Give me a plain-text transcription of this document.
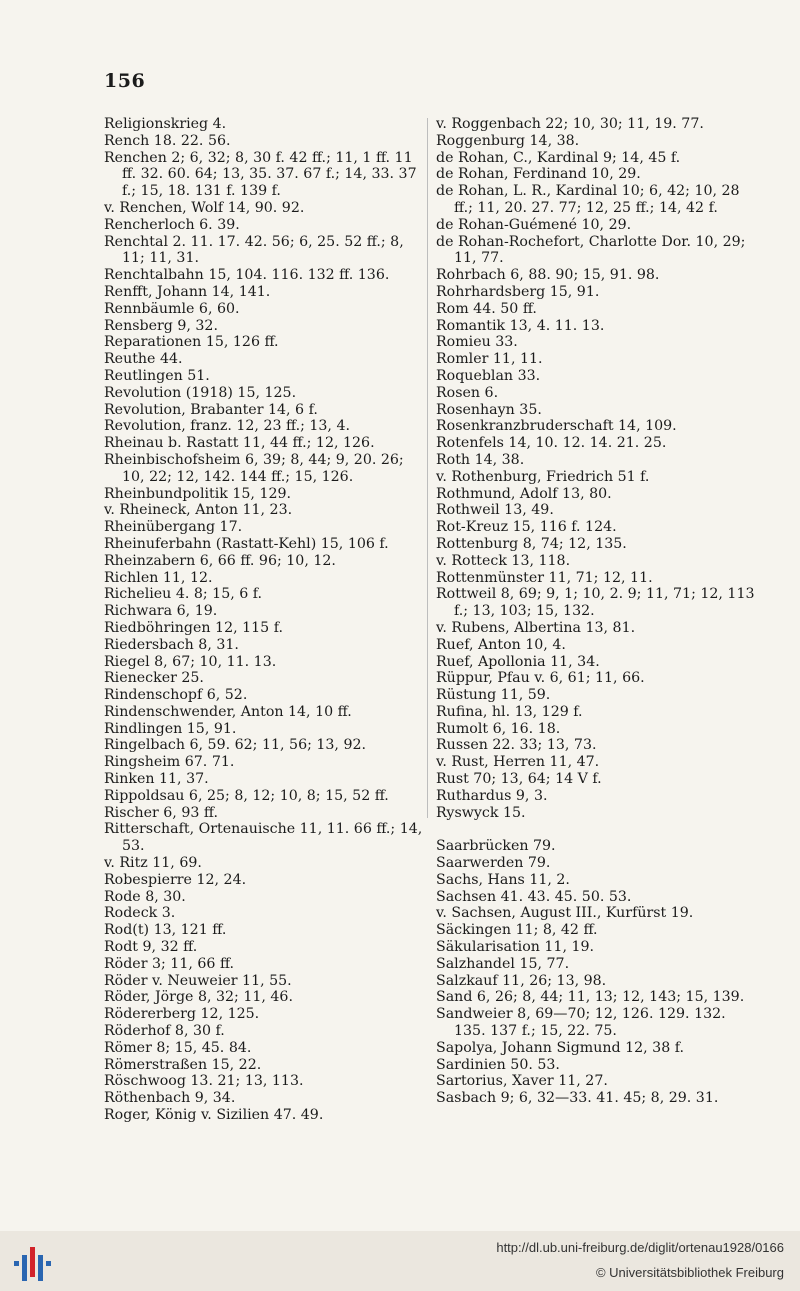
156
Religionskrieg 4.
Rench 18. 22. 56.
Renchen 2; 6, 32; 8, 30 f. 42 ff.; 11, 1 ff. 11 ff. 32. 60. 64; 13, 35. 37. 67 f.; 14, 33. 37 f.; 15, 18. 131 f. 139 f.
v. Renchen, Wolf 14, 90. 92.
Rencherloch 6. 39.
Renchtal 2. 11. 17. 42. 56; 6, 25. 52 ff.; 8, 11; 11, 31.
Renchtalbahn 15, 104. 116. 132 ff. 136.
Renfft, Johann 14, 141.
Rennbäumle 6, 60.
Rensberg 9, 32.
Reparationen 15, 126 ff.
Reuthe 44.
Reutlingen 51.
Revolution (1918) 15, 125.
Revolution, Brabanter 14, 6 f.
Revolution, franz. 12, 23 ff.; 13, 4.
Rheinau b. Rastatt 11, 44 ff.; 12, 126.
Rheinbischofsheim 6, 39; 8, 44; 9, 20. 26; 10, 22; 12, 142. 144 ff.; 15, 126.
Rheinbundpolitik 15, 129.
v. Rheineck, Anton 11, 23.
Rheinübergang 17.
Rheinuferbahn (Rastatt-Kehl) 15, 106 f.
Rheinzabern 6, 66 ff. 96; 10, 12.
Richlen 11, 12.
Richelieu 4. 8; 15, 6 f.
Richwara 6, 19.
Riedböhringen 12, 115 f.
Riedersbach 8, 31.
Riegel 8, 67; 10, 11. 13.
Rienecker 25.
Rindenschopf 6, 52.
Rindenschwender, Anton 14, 10 ff.
Rindlingen 15, 91.
Ringelbach 6, 59. 62; 11, 56; 13, 92.
Ringsheim 67. 71.
Rinken 11, 37.
Rippoldsau 6, 25; 8, 12; 10, 8; 15, 52 ff.
Rischer 6, 93 ff.
Ritterschaft, Ortenauische 11, 11. 66 ff.; 14, 53.
v. Ritz 11, 69.
Robespierre 12, 24.
Rode 8, 30.
Rodeck 3.
Rod(t) 13, 121 ff.
Rodt 9, 32 ff.
Röder 3; 11, 66 ff.
Röder v. Neuweier 11, 55.
Röder, Jörge 8, 32; 11, 46.
Rödererberg 12, 125.
Röderhof 8, 30 f.
Römer 8; 15, 45. 84.
Römerstraßen 15, 22.
Röschwoog 13. 21; 13, 113.
Röthenbach 9, 34.
Roger, König v. Sizilien 47. 49.
v. Roggenbach 22; 10, 30; 11, 19. 77.
Roggenburg 14, 38.
de Rohan, C., Kardinal 9; 14, 45 f.
de Rohan, Ferdinand 10, 29.
de Rohan, L. R., Kardinal 10; 6, 42; 10, 28 ff.; 11, 20. 27. 77; 12, 25 ff.; 14, 42 f.
de Rohan-Guémené 10, 29.
de Rohan-Rochefort, Charlotte Dor. 10, 29; 11, 77.
Rohrbach 6, 88. 90; 15, 91. 98.
Rohrhardsberg 15, 91.
Rom 44. 50 ff.
Romantik 13, 4. 11. 13.
Romieu 33.
Romler 11, 11.
Roqueblan 33.
Rosen 6.
Rosenhayn 35.
Rosenkranzbruderschaft 14, 109.
Rotenfels 14, 10. 12. 14. 21. 25.
Roth 14, 38.
v. Rothenburg, Friedrich 51 f.
Rothmund, Adolf 13, 80.
Rothweil 13, 49.
Rot-Kreuz 15, 116 f. 124.
Rottenburg 8, 74; 12, 135.
v. Rotteck 13, 118.
Rottenmünster 11, 71; 12, 11.
Rottweil 8, 69; 9, 1; 10, 2. 9; 11, 71; 12, 113 f.; 13, 103; 15, 132.
v. Rubens, Albertina 13, 81.
Ruef, Anton 10, 4.
Ruef, Apollonia 11, 34.
Rüppur, Pfau v. 6, 61; 11, 66.
Rüstung 11, 59.
Rufina, hl. 13, 129 f.
Rumolt 6, 16. 18.
Russen 22. 33; 13, 73.
v. Rust, Herren 11, 47.
Rust 70; 13, 64; 14 V f.
Ruthardus 9, 3.
Ryswyck 15.
Saarbrücken 79.
Saarwerden 79.
Sachs, Hans 11, 2.
Sachsen 41. 43. 45. 50. 53.
v. Sachsen, August III., Kurfürst 19.
Säckingen 11; 8, 42 ff.
Säkularisation 11, 19.
Salzhandel 15, 77.
Salzkauf 11, 26; 13, 98.
Sand 6, 26; 8, 44; 11, 13; 12, 143; 15, 139.
Sandweier 8, 69—70; 12, 126. 129. 132. 135. 137 f.; 15, 22. 75.
Sapolya, Johann Sigmund 12, 38 f.
Sardinien 50. 53.
Sartorius, Xaver 11, 27.
Sasbach 9; 6, 32—33. 41. 45; 8, 29. 31.
http://dl.ub.uni-freiburg.de/diglit/ortenau1928/0166
© Universitätsbibliothek Freiburg
